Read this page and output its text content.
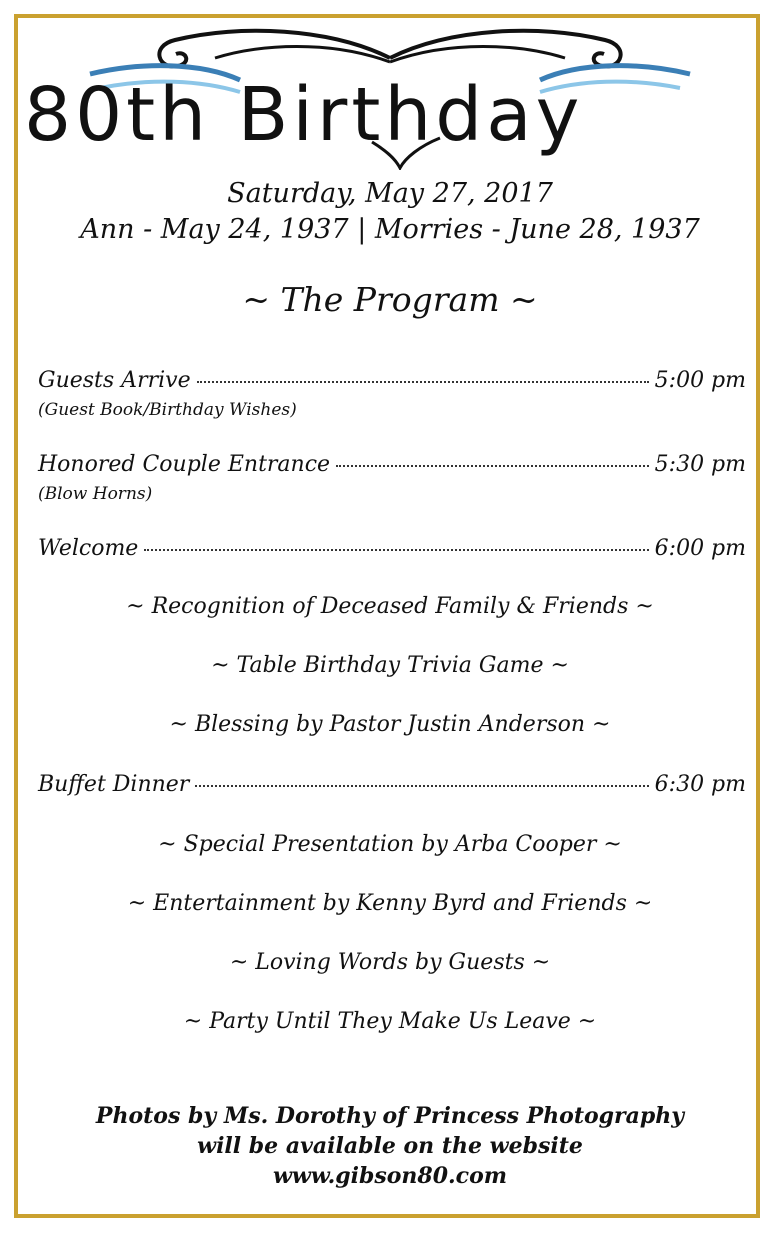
80th Birthday
Saturday, May 27, 2017
Ann - May 24, 1937 | Morries - June 28, 1937
~ The Program ~
Guests Arrive	5:00 pm
(Guest Book/Birthday Wishes)
Honored Couple Entrance	5:30 pm
(Blow Horns)
Welcome	6:00 pm
~ Recognition of Deceased Family & Friends ~
~ Table Birthday Trivia Game ~
~ Blessing by Pastor Justin Anderson ~
Buffet Dinner	6:30 pm
~ Special Presentation by Arba Cooper ~
~ Entertainment by Kenny Byrd and Friends ~
~ Loving Words by Guests ~
~ Party Until They Make Us Leave ~
Photos by Ms. Dorothy of Princess Photography
will be available on the website
www.gibson80.com
